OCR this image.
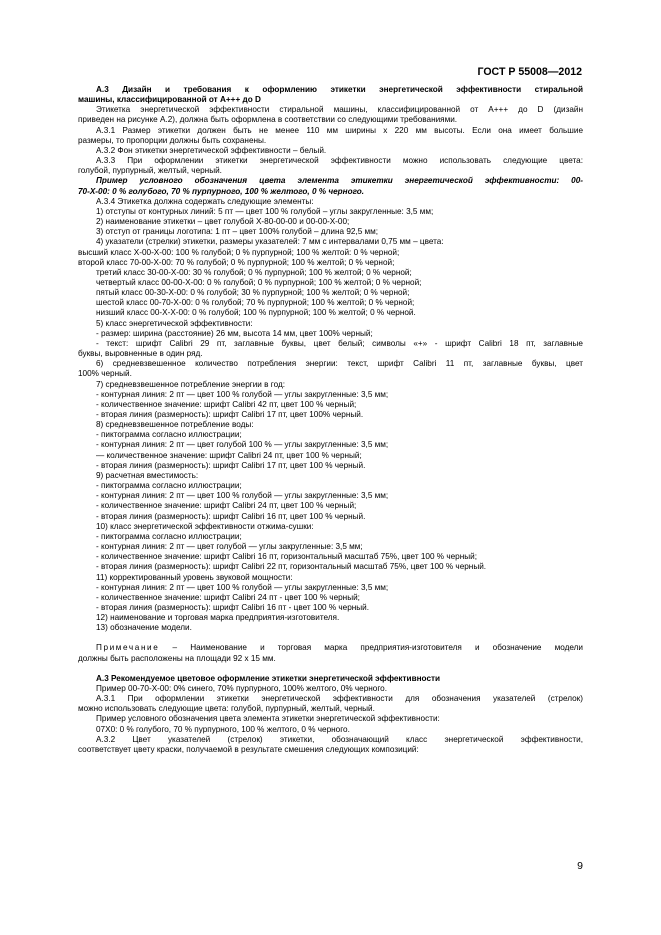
ГОСТ Р 55008—2012
А.3 Дизайн и требования к оформлению этикетки энергетической эффективности стиральной
машины, классифицированной от A+++ до D
Этикетка энергетической эффективности стиральной машины, классифицированной от A+++ до D (дизайн
приведен на рисунке А.2), должна быть оформлена в соответствии со следующими требованиями.
А.3.1 Размер этикетки должен быть не менее 110 мм ширины х 220 мм высоты. Если она имеет большие
размеры, то пропорции должны быть сохранены.
А.3.2 Фон этикетки энергетической эффективности – белый.
А.3.3 При оформлении этикетки энергетической эффективности можно использовать следующие цвета:
голубой, пурпурный, желтый, черный.
Пример условного обозначения цвета элемента этикетки энергетической эффективности: 00-
70-Х-00: 0 % голубого, 70 % пурпурного, 100 % желтого, 0 % черного.
А.3.4 Этикетка должна содержать следующие элементы:
1) отступы от контурных линий: 5 пт — цвет 100 % голубой – углы закругленные: 3,5 мм;
2) наименование этикетки – цвет голубой Х-80-00-00 и 00-00-Х-00;
3) отступ от границы логотипа: 1 пт – цвет 100% голубой – длина 92,5 мм;
4) указатели (стрелки) этикетки, размеры указателей: 7 мм с интервалами 0,75 мм – цвета:
высший класс Х-00-Х-00: 100 % голубой; 0 % пурпурной; 100 % желтой: 0 % черной;
второй класс 70-00-Х-00: 70 % голубой; 0 % пурпурной; 100 % желтой; 0 % черной;
третий класс 30-00-Х-00: 30 % голубой; 0 % пурпурной; 100 % желтой; 0 % черной;
четвертый класс 00-00-Х-00: 0 % голубой; 0 % пурпурной; 100 % желтой; 0 % черной;
пятый класс 00-30-Х-00: 0 % голубой; 30 % пурпурной; 100 % желтой; 0 % черной;
шестой класс 00-70-Х-00: 0 % голубой; 70 % пурпурной; 100 % желтой; 0 % черной;
низший класс 00-Х-Х-00: 0 % голубой; 100 % пурпурной; 100 % желтой; 0 % черной.
5) класс энергетической эффективности:
- размер: ширина (расстояние) 26 мм, высота 14 мм, цвет 100% черный;
- текст: шрифт Calibri 29 пт, заглавные буквы, цвет белый; символы «+» - шрифт Calibri 18 пт, заглавные
буквы, выровненные в один ряд.
6) средневзвешенное количество потребления энергии: текст, шрифт Calibri 11 пт, заглавные буквы, цвет
100% черный.
7) средневзвешенное потребление энергии в год:
- контурная линия: 2 пт — цвет 100 % голубой — углы закругленные: 3,5 мм;
- количественное значение: шрифт Calibri 42 пт, цвет 100 % черный;
- вторая линия (размерность): шрифт Calibri 17 пт, цвет 100% черный.
8) средневзвешенное потребление воды:
- пиктограмма согласно иллюстрации;
- контурная линия: 2 пт — цвет голубой 100 % — углы закругленные: 3,5 мм;
— количественное значение: шрифт Calibri 24 пт, цвет 100 % черный;
- вторая линия (размерность): шрифт Calibri 17 пт, цвет 100 % черный.
9) расчетная вместимость:
- пиктограмма согласно иллюстрации;
- контурная линия: 2 пт — цвет 100 % голубой — углы закругленные: 3,5 мм;
- количественное значение: шрифт Calibri 24 пт, цвет 100 % черный;
- вторая линия (размерность): шрифт Calibri 16 пт, цвет 100 % черный.
10) класс энергетической эффективности отжима-сушки:
- пиктограмма согласно иллюстрации;
- контурная линия: 2 пт — цвет голубой — углы закругленные: 3,5 мм;
- количественное значение: шрифт Calibri 16 пт, горизонтальный масштаб 75%, цвет 100 % черный;
- вторая линия (размерность): шрифт Calibri 22 пт, горизонтальный масштаб 75%, цвет 100 % черный.
11) корректированный уровень звуковой мощности:
- контурная линия: 2 пт — цвет 100 % голубой — углы закругленные: 3,5 мм;
- количественное значение: шрифт Calibri 24 пт - цвет 100 % черный;
- вторая линия (размерность): шрифт Calibri 16 пт - цвет 100 % черный.
12) наименование и торговая марка предприятия-изготовителя.
13) обозначение модели.
Примечание – Наименование и торговая марка предприятия-изготовителя и обозначение модели
должны быть расположены на площади 92 х 15 мм.
А.3 Рекомендуемое цветовое оформление этикетки энергетической эффективности
Пример 00-70-Х-00: 0% синего, 70% пурпурного, 100% желтого, 0% черного.
А.3.1 При оформлении этикетки энергетической эффективности для обозначения указателей (стрелок)
можно использовать следующие цвета: голубой, пурпурный, желтый, черный.
Пример условного обозначения цвета элемента этикетки энергетической эффективности:
07Х0: 0 % голубого, 70 % пурпурного, 100 % желтого, 0 % черного.
А.3.2 Цвет указателей (стрелок) этикетки, обозначающий класс энергетической эффективности,
соответствует цвету краски, получаемой в результате смешения следующих композиций:
9
